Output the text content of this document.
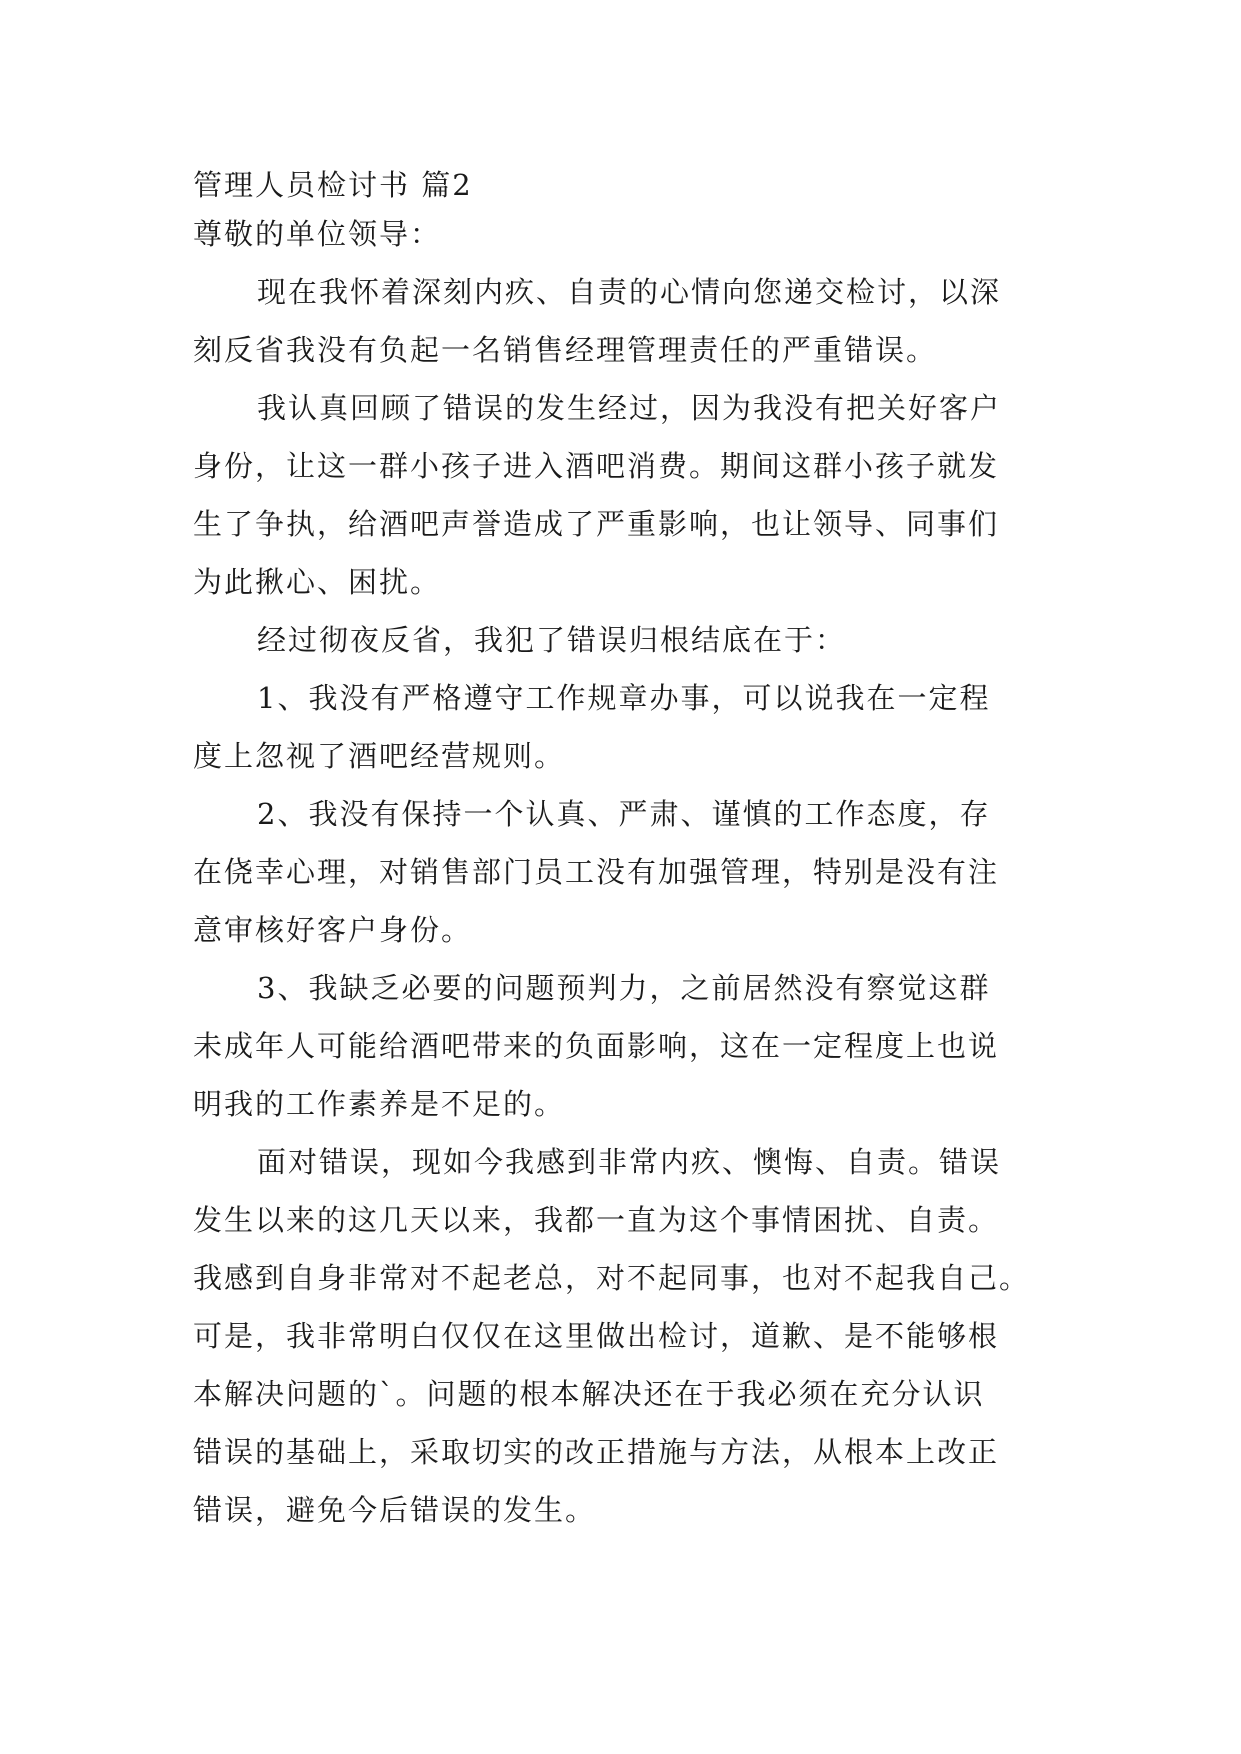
管理人员检讨书 篇2

尊敬的单位领导：

现在我怀着深刻内疚、自责的心情向您递交检讨，以深
刻反省我没有负起一名销售经理管理责任的严重错误。
我认真回顾了错误的发生经过，因为我没有把关好客户
身份，让这一群小孩子进入酒吧消费。期间这群小孩子就发
生了争执，给酒吧声誉造成了严重影响，也让领导、同事们
为此揪心、困扰。
经过彻夜反省，我犯了错误归根结底在于：
1、我没有严格遵守工作规章办事，可以说我在一定程
度上忽视了酒吧经营规则。
2、我没有保持一个认真、严肃、谨慎的工作态度，存
在侥幸心理，对销售部门员工没有加强管理，特别是没有注
意审核好客户身份。
3、我缺乏必要的问题预判力，之前居然没有察觉这群
未成年人可能给酒吧带来的负面影响，这在一定程度上也说
明我的工作素养是不足的。
面对错误，现如今我感到非常内疚、懊悔、自责。错误
发生以来的这几天以来，我都一直为这个事情困扰、自责。
我感到自身非常对不起老总，对不起同事，也对不起我自己。
可是，我非常明白仅仅在这里做出检讨，道歉、是不能够根
本解决问题的`。问题的根本解决还在于我必须在充分认识
错误的基础上，采取切实的改正措施与方法，从根本上改正
错误，避免今后错误的发生。
